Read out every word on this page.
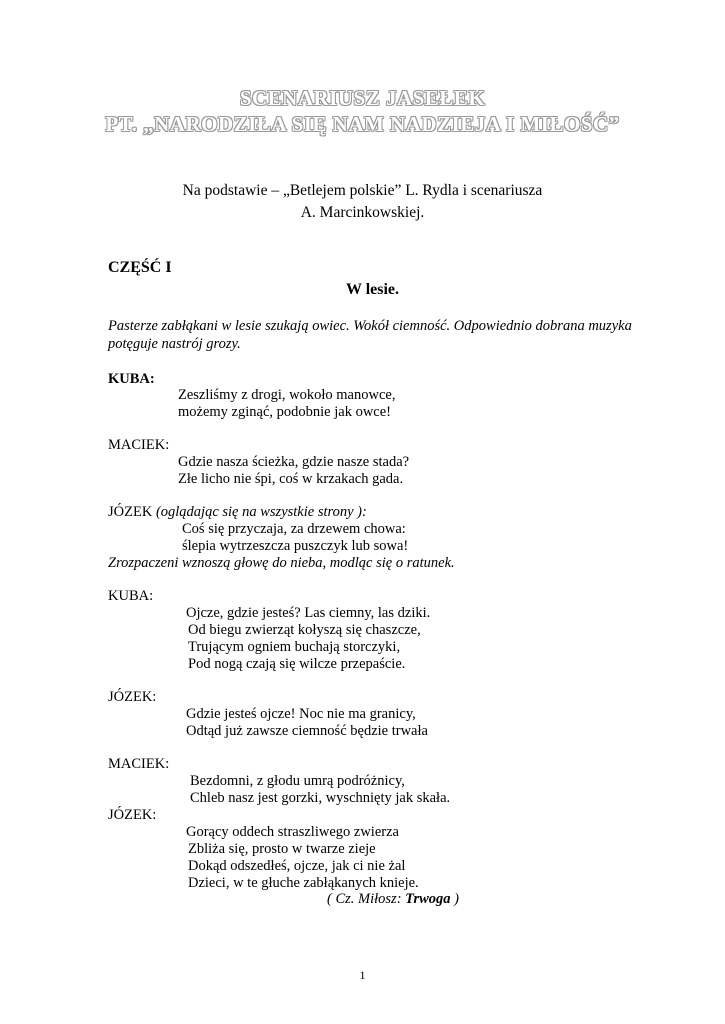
SCENARIUSZ JASEŁEK
PT. „NARODZIŁA SIĘ NAM NADZIEJA I MIŁOŚĆ”
Na podstawie – „Betlejem polskie” L. Rydla i scenariusza
A. Marcinkowskiej.
CZĘŚĆ I
W lesie.
Pasterze zabłąkani w lesie szukają owiec. Wokół ciemność. Odpowiednio dobrana muzyka
potęguje nastrój grozy.
KUBA:
Zeszliśmy z drogi, wokoło manowce,
możemy zginąć, podobnie jak owce!
MACIEK:
Gdzie nasza ścieżka, gdzie nasze stada?
Złe licho nie śpi, coś w krzakach gada.
JÓZEK (oglądając się na wszystkie strony ):
Coś się przyczaja, za drzewem chowa:
ślepia wytrzeszcza puszczyk lub sowa!
Zrozpaczeni wznoszą głowę do nieba, modląc się o ratunek.
KUBA:
Ojcze, gdzie jesteś? Las ciemny, las dziki.
Od biegu zwierząt kołyszą się chaszcze,
Trującym ogniem buchają storczyki,
Pod nogą czają się wilcze przepaście.
JÓZEK:
Gdzie jesteś ojcze! Noc nie ma granicy,
Odtąd już zawsze ciemność będzie trwała
MACIEK:
Bezdomni, z głodu umrą podróżnicy,
Chleb nasz jest gorzki, wyschnięty jak skała.
JÓZEK:
Gorący oddech straszliwego zwierza
Zbliża się, prosto w twarze zieje
Dokąd odszedłeś, ojcze, jak ci nie żal
Dzieci, w te głuche zabłąkanych knieje.
( Cz. Miłosz: Trwoga )
1
